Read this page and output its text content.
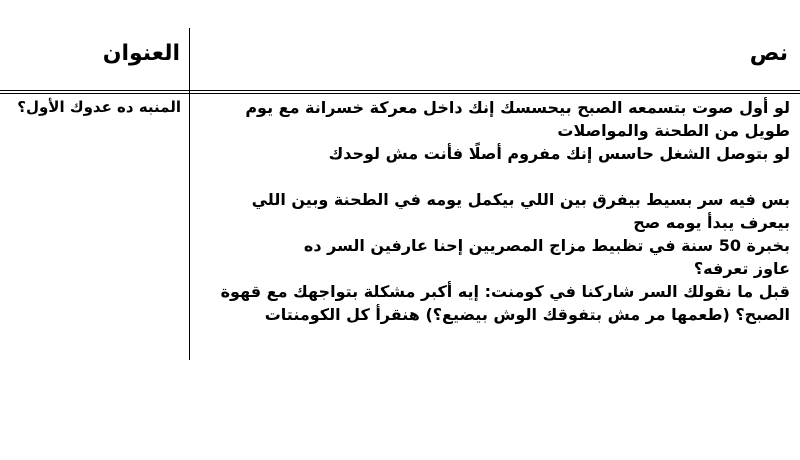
نص
العنوان
لو أول صوت بتسمعه الصبح بيحسسك إنك داخل معركة خسرانة مع يوم
طويل من الطحنة والمواصلات
لو بتوصل الشغل حاسس إنك مفروم أصلًا فأنت مش لوحدك
بس فيه سر بسيط بيفرق بين اللي بيكمل يومه في الطحنة وبين اللي
بيعرف يبدأ يومه صح
بخبرة 50 سنة في تظبيط مزاج المصريين إحنا عارفين السر ده
عاوز تعرفه؟
قبل ما نقولك السر شاركنا في كومنت: إيه أكبر مشكلة بتواجهك مع قهوة
الصبح؟ (طعمها مر مش بتفوقك الوش بيضيع؟) هنقرأ كل الكومنتات
المنبه ده عدوك الأول؟
